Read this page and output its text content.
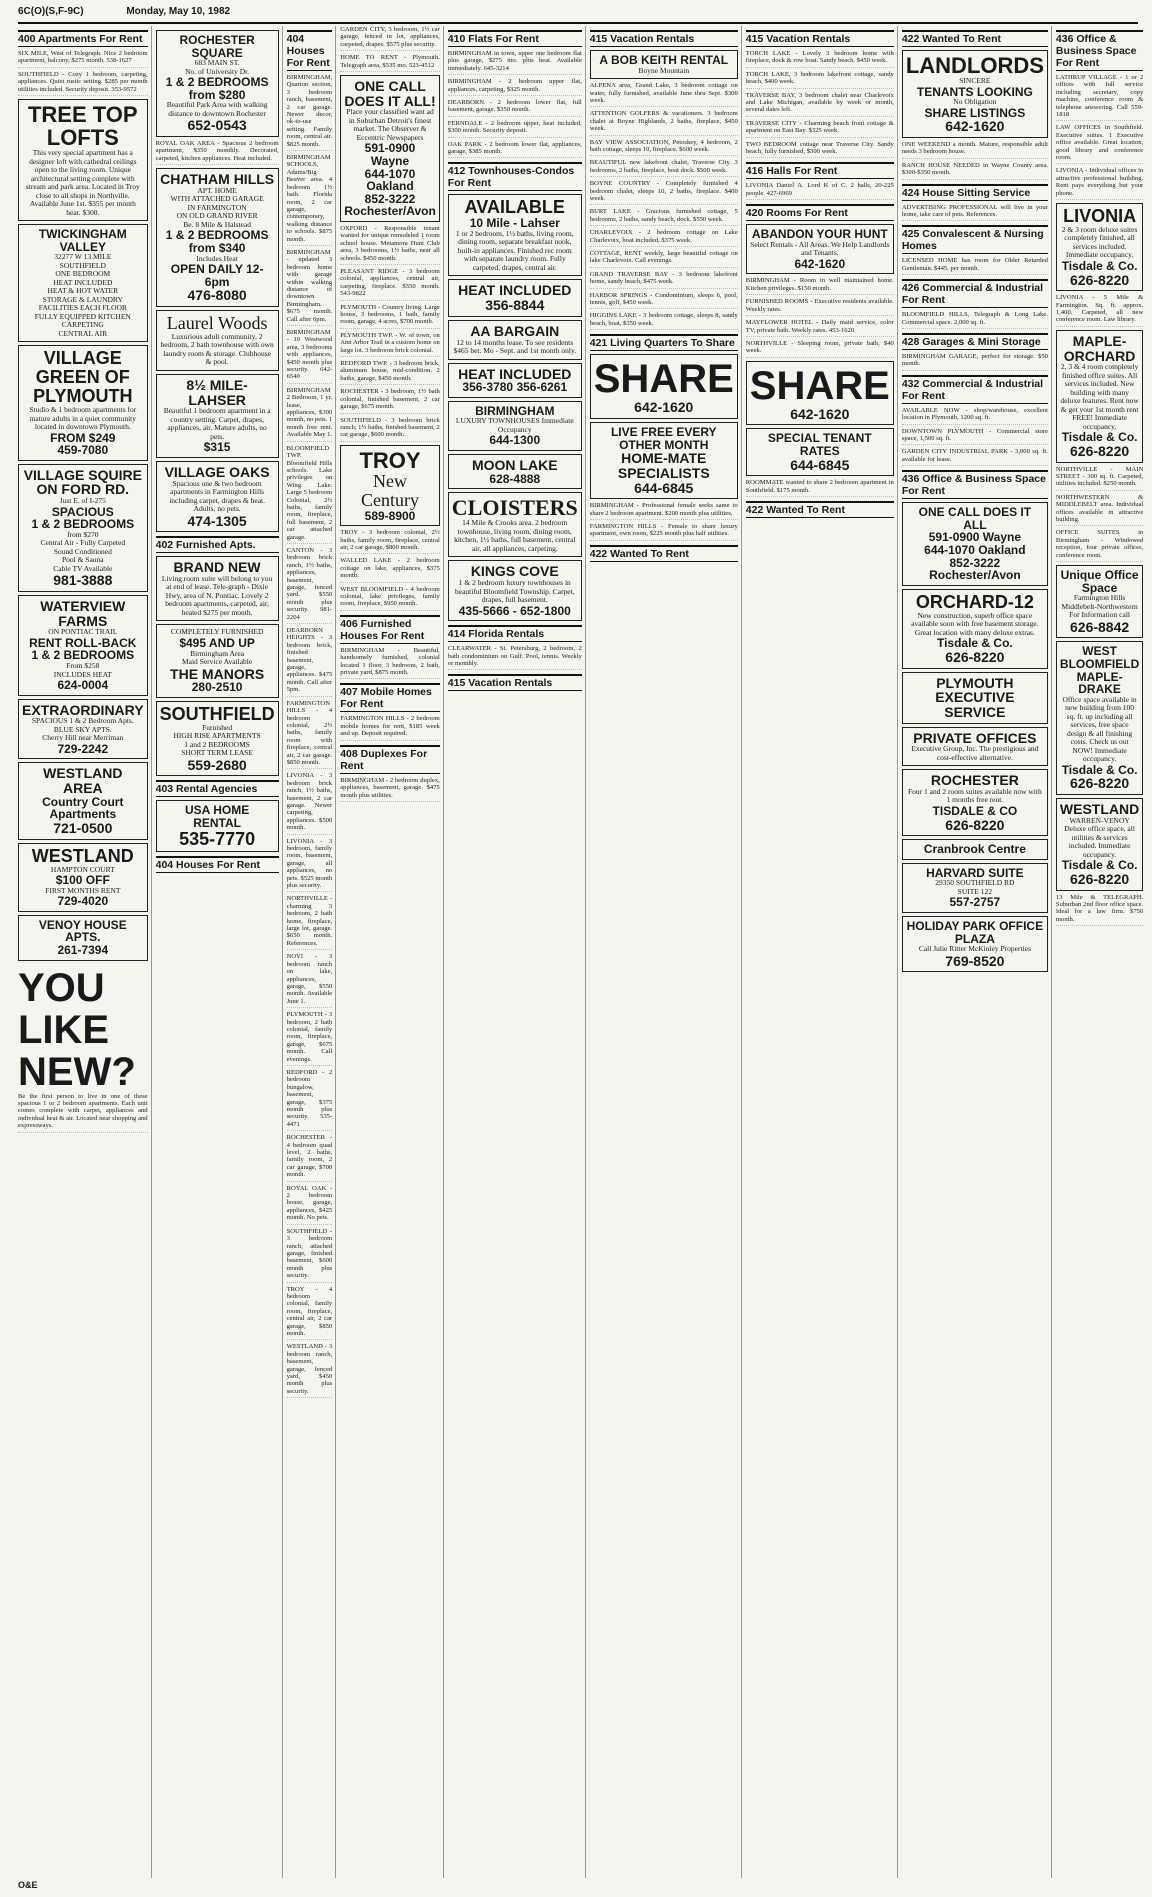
6C(O)(S,F-9C)	Monday, May 10, 1982
400 Apartments For Rent

SIX MILE, West of Telegraph. Nice 2 bedroom apartment, balcony, $275 month. 538-1627

SOUTHFIELD - Cozy 1 bedroom, carpeting, appliances. Quiet rustic setting. $285 per month utilities included. Security deposit. 353-9572

TREE TOP LOFTS
This very special apartment has a designer loft with cathedral ceilings open to the living room. Unique architectural setting complete with stream and park area. Located in Troy close to all shops in Northville. Available June 1st. $355 per month heat. $300.
TWICKINGHAM VALLEY
32277 W 13 MILE
SOUTHFIELD
ONE BEDROOM
HEAT INCLUDED
HEAT & HOT WATER
STORAGE & LAUNDRY
FACILITIES EACH FLOOR
FULLY EQUIPPED KITCHEN
CARPETING
CENTRAL AIR
VILLAGE GREEN OF PLYMOUTH
Studio & 1 bedroom apartments for mature adults in a quiet community located in downtown Plymouth.
FROM $249
459-7080
VILLAGE SQUIRE ON FORD RD.
Just E. of I-275
SPACIOUS
1 & 2 BEDROOMS
from $270
Central Air - Fully Carpeted
Sound Conditioned
Pool & Sauna
Cable TV Available
981-3888
WATERVIEW FARMS
ON PONTIAC TRAIL
RENT ROLL-BACK
1 & 2 BEDROOMS
From $258
INCLUDES HEAT
624-0004
EXTRAORDINARY
SPACIOUS 1 & 2 Bedroom Apts.
BLUE SKY APTS.
Cherry Hill near Merriman
729-2242
WESTLAND AREA
Country Court Apartments
721-0500
WESTLAND
HAMPTON COURT
$100 OFF
FIRST MONTHS RENT
729-4020
VENOY HOUSE APTS.
261-7394
YOU
LIKE
NEW?

Be the first person to live in one of these spacious 1 or 2 bedroom apartments. Each unit comes complete with carpet, appliances and individual heat & air. Located near shopping and expressways.

ROCHESTER SQUARE
683 MAIN ST.
No. of University Dr.
1 & 2 BEDROOMS
from $280
Beautiful Park Area with walking distance to downtown Rochester
652-0543

ROYAL OAK AREA - Spacious 2 bedroom apartment, $350 monthly. Decorated, carpeted, kitchen appliances. Heat included.

CHATHAM HILLS
APT. HOME
WITH ATTACHED GARAGE
IN FARMINGTON
ON OLD GRAND RIVER
Be. 8 Mile & Halstead
1 & 2 BEDROOMS
from $340
Includes Heat
OPEN DAILY 12-6pm
476-8080
Laurel Woods
Luxurious adult community, 2 bedroom, 2 bath townhouse with own laundry room & storage. Clubhouse & pool.
8½ MILE-LAHSER
Beautiful 1 bedroom apartment in a country setting. Carpet, drapes, appliances, air. Mature adults, no pets.
$315
VILLAGE OAKS
Spacious one & two bedroom apartments in Farmington Hills including carpet, drapes & heat. Adults, no pets.
474-1305
402 Furnished Apts.
BRAND NEW
Living room suite will belong to you at end of lease. Tele-graph - Dixie Hwy, area of N. Pontiac. Lovely 2 bedroom apartments, carpeted, air, heated $275 per month.
COMPLETELY FURNISHED
$495 AND UP
Birmingham Area
Maid Service Available
THE MANORS
280-2510
SOUTHFIELD
Furnished
HIGH RISE APARTMENTS
1 and 2 BEDROOMS
SHORT TERM LEASE
559-2680
403 Rental Agencies
USA HOME RENTAL
535-7770
404 Houses For Rent
404 Houses For Rent

BIRMINGHAM, Quarton section, 3 bedroom ranch, basement, 2 car garage. Newer decor, ok-to-use setting. Family room, central air. $825 month.

BIRMINGHAM SCHOOLS, Adams/Big Beaver area. 4 bedroom 1½ bath. Florida room, 2 car garage, contemporary, walking distance to schools. $875 month.

BIRMINGHAM - updated 3 bedroom home with garage within walking distance of downtown Birmingham. $675 month. Call after 6pm.

BIRMINGHAM - 10 Westwood area, 3 bedrooms with appliances, $450 month plus security. 642-6540

BIRMINGHAM 2 Bedroom, 1 yr. lease, appliances, $390 month, no pets. 1 month free rent. Available May 1.

BLOOMFIELD TWP. Bloomfield Hills schools. Lake privileges on Wing Lake. Large 5 bedroom Colonial, 2½ baths, family room, fireplace, full basement, 2 car attached garage.

CANTON - 3 bedroom brick ranch, 1½ baths, appliances, basement, garage, fenced yard. $550 month plus security. 981-2204

DEARBORN HEIGHTS - 3 bedroom brick, finished basement, garage, appliances. $475 month. Call after 5pm.

FARMINGTON HILLS - 4 bedroom colonial, 2½ baths, family room with fireplace, central air, 2 car garage. $850 month.

LIVONIA - 3 bedroom brick ranch, 1½ baths, basement, 2 car garage. Newer carpeting, appliances. $500 month.

LIVONIA - 3 bedroom, family room, basement, garage, all appliances, no pets. $525 month plus security.

NORTHVILLE - charming 3 bedroom, 2 bath home, fireplace, large lot, garage. $650 month. References.

NOVI - 3 bedroom ranch on lake, appliances, garage, $550 month. Available June 1.

PLYMOUTH - 3 bedroom, 2 bath colonial, family room, fireplace, garage, $675 month. Call evenings.

REDFORD - 2 bedroom bungalow, basement, garage, $375 month plus security. 535-4471

ROCHESTER - 4 bedroom quad level, 2 baths, family room, 2 car garage, $700 month.

ROYAL OAK - 2 bedroom house, garage, appliances, $425 month. No pets.

SOUTHFIELD - 3 bedroom ranch, attached garage, finished basement, $600 month plus security.

TROY - 4 bedroom colonial, family room, fireplace, central air, 2 car garage, $850 month.

WESTLAND - 3 bedroom ranch, basement, garage, fenced yard, $450 month plus security.

GARDEN CITY, 3 bedroom, 1½ car garage, fenced in lot, appliances, carpeted, drapes. $575 plus security.

HOME TO RENT - Plymouth. Telegraph area, $535 mo. 523-4512

ONE CALL DOES IT ALL!
Place your classified want ad in Suburban Detroit's finest market. The Observer & Eccentric Newspapers
591-0900 Wayne
644-1070 Oakland
852-3222 Rochester/Avon

OXFORD - Responsible tenant wanted for unique remodeled 1 room school house. Metamora Hunt Club area, 3 bedrooms, 1½ baths, near all schools. $450 month.

PLEASANT RIDGE - 3 bedroom colonial, appliances, central air, carpeting, fireplace. $550 month. 543-9822

PLYMOUTH - Country living. Large house, 3 bedrooms, 1 bath, family room, garage, 4 acres, $700 month.

PLYMOUTH TWP. - W. of town, on Ann Arbor Trail in a custom home on large lot. 3 bedroom brick colonial.

REDFORD TWP. - 3 bedroom brick, aluminum house, mid-condition. 2 baths, garage, $450 month.

ROCHESTER - 3 bedroom, 1½ bath colonial, finished basement, 2 car garage, $675 month.

SOUTHFIELD - 3 bedroom brick ranch, 1½ baths, finished basement, 2 car garage, $600 month.

TROY
New Century
589-8900

TROY - 3 bedroom colonial, 2½ baths, family room, fireplace, central air, 2 car garage, $800 month.

WALLED LAKE - 2 bedroom cottage on lake, appliances, $375 month.

WEST BLOOMFIELD - 4 bedroom colonial, lake privileges, family room, fireplace, $950 month.

406 Furnished Houses For Rent

BIRMINGHAM - Beautiful, handsomely furnished, colonial located 1 floor, 3 bedroom, 2 bath, private yard, $875 month.

407 Mobile Homes For Rent

FARMINGTON HILLS - 2 bedroom mobile homes for rent, $185 week and up. Deposit required.

408 Duplexes For Rent

BIRMINGHAM - 2 bedroom duplex, appliances, basement, garage. $475 month plus utilities.

410 Flats For Rent

BIRMINGHAM in town, upper one bedroom flat plus garage, $275 mo. plus heat. Available immediately. 645-3214

BIRMINGHAM - 2 bedroom upper flat, appliances, carpeting, $325 month.

DEARBORN - 2 bedroom lower flat, full basement, garage. $350 month.

FERNDALE - 2 bedroom upper, heat included, $300 month. Security deposit.

OAK PARK - 2 bedroom lower flat, appliances, garage, $385 month.

412 Townhouses-Condos For Rent
AVAILABLE
10 Mile - Lahser
1 or 2 bedroom, 1½ baths, living room, dining room, separate breakfast nook, built-in appliances. Finished rec room with separate laundry room. Fully carpeted, drapes, central air.
HEAT INCLUDED
356-8844
AA BARGAIN
12 to 14 months lease. To see residents $465 bet. Mo - Sept. and 1st month only.
HEAT INCLUDED
356-3780 356-6261
BIRMINGHAM
LUXURY TOWNHOUSES Immediate Occupancy
644-1300
MOON LAKE
628-4888
CLOISTERS
14 Mile & Crooks area. 2 bedroom townhouse, living room, dining room, kitchen, 1½ baths, full basement, central air, all appliances, carpeting.
KINGS COVE
1 & 2 bedroom luxury townhouses in beautiful Bloomfield Township. Carpet, drapes, full basement.
435-5666 - 652-1800
414 Florida Rentals

CLEARWATER - St. Petersburg, 2 bedroom, 2 bath condominium on Gulf. Pool, tennis. Weekly or monthly.

415 Vacation Rentals
415 Vacation Rentals
A BOB KEITH RENTAL
Boyne Mountain

ALPENA area, Grand Lake, 3 bedroom cottage on water, fully furnished, available June thru Sept. $300 week.

ATTENTION GOLFERS & vacationers. 3 bedroom chalet at Boyne Highlands, 2 baths, fireplace, $450 week.

BAY VIEW ASSOCIATION, Petoskey, 4 bedroom, 2 bath cottage, sleeps 10, fireplace. $600 week.

BEAUTIFUL new lakefront chalet, Traverse City. 3 bedrooms, 2 baths, fireplace, boat dock. $500 week.

BOYNE COUNTRY - Completely furnished 4 bedroom chalet, sleeps 10, 2 baths, fireplace. $400 week.

BURT LAKE - Gracious furnished cottage, 5 bedrooms, 2 baths, sandy beach, dock. $550 week.

CHARLEVOIX - 2 bedroom cottage on Lake Charlevoix, boat included, $375 week.

COTTAGE, RENT weekly, large beautiful cottage on lake Charlevoix. Call evenings.

GRAND TRAVERSE BAY - 3 bedroom lakefront home, sandy beach, $475 week.

HARBOR SPRINGS - Condominium, sleeps 6, pool, tennis, golf, $450 week.

HIGGINS LAKE - 3 bedroom cottage, sleeps 8, sandy beach, boat, $350 week.

421 Living Quarters To Share
SHARE
642-1620
LIVE FREE EVERY OTHER MONTH
HOME-MATE SPECIALISTS
644-6845

BIRMINGHAM - Professional female seeks same to share 2 bedroom apartment. $200 month plus utilities.

FARMINGTON HILLS - Female to share luxury apartment, own room, $225 month plus half utilities.

422 Wanted To Rent
415 Vacation Rentals

TORCH LAKE - Lovely 3 bedroom home with fireplace, dock & row boat. Sandy beach. $450 week.

TORCH LAKE, 3 bedroom lakefront cottage, sandy beach, $400 week.

TRAVERSE BAY, 3 bedroom chalet near Charlevoix and Lake Michigan, available by week or month, several dates left.

TRAVERSE CITY - Charming beach front cottage & apartment on East Bay. $325 week.

TWO BEDROOM cottage near Traverse City. Sandy beach, fully furnished, $300 week.

416 Halls For Rent

LIVONIA Daniel A. Lord K of C. 2 halls, 20-225 people. 427-6969

420 Rooms For Rent
ABANDON YOUR HUNT
Select Rentals - All Areas. We Help Landlords and Tenants.
642-1620

BIRMINGHAM - Room in well maintained home. Kitchen privileges. $150 month.

FURNISHED ROOMS - Executive residents available. Weekly rates.

MAYFLOWER HOTEL - Daily maid service, color TV, private bath. Weekly rates. 453-1620

NORTHVILLE - Sleeping room, private bath, $40 week.

SHARE
642-1620
SPECIAL TENANT RATES
644-6845

ROOMMATE wanted to share 2 bedroom apartment in Southfield. $175 month.

422 Wanted To Rent
422 Wanted To Rent
LANDLORDS
SINCERE
TENANTS LOOKING
No Obligation
SHARE LISTINGS
642-1620

ONE WEEKEND a month. Mature, responsible adult needs 3 bedroom house.

RANCH HOUSE NEEDED in Wayne County area. $300-$350 month.

424 House Sitting Service

ADVERTISING PROFESSIONAL will live in your home, take care of pets. References.

425 Convalescent & Nursing Homes

LICENSED HOME has room for Older Retarded Gentleman. $445. per month.

426 Commercial & Industrial For Rent

BLOOMFIELD HILLS, Telegraph & Long Lake. Commercial space. 2,000 sq. ft.

428 Garages & Mini Storage

BIRMINGHAM GARAGE, perfect for storage. $50 month.

432 Commercial & Industrial For Rent

AVAILABLE NOW - shop/warehouse, excellent location in Plymouth, 1200 sq. ft.

DOWNTOWN PLYMOUTH - Commercial store space, 1,500 sq. ft.

GARDEN CITY INDUSTRIAL PARK - 3,000 sq. ft. available for lease.

436 Office & Business Space For Rent
ONE CALL DOES IT ALL
591-0900 Wayne
644-1070 Oakland
852-3222 Rochester/Avon
ORCHARD-12
New construction, superb office space available soon with free basement storage. Great location with many deluxe extras.
Tisdale & Co.
626-8220
PLYMOUTH EXECUTIVE SERVICE
PRIVATE OFFICES
Executive Group, Inc. The prestigious and cost-effective alternative.
ROCHESTER
Four 1 and 2 room suites available now with 1 months free rent.
TISDALE & CO
626-8220
Cranbrook Centre
HARVARD SUITE
29350 SOUTHFIELD RD
SUITE 122
557-2757
HOLIDAY PARK OFFICE PLAZA
Call Julie Ritter McKinley Properties
769-8520
436 Office & Business Space For Rent

LATHRUP VILLAGE - 1 or 2 offices with full service including secretary, copy machine, conference room & telephone answering. Call 559-1818

LAW OFFICES in Southfield. Executive suites. 1 Executive office available. Great location, good library and conference room.

LIVONIA - Individual offices in attractive professional building. Rent pays everything but your phone.

LIVONIA
2 & 3 room deluxe suites completely finished, all services included. Immediate occupancy.
Tisdale & Co.
626-8220

LIVONIA - 5 Mile & Farmington. Sq. ft. approx. 1,400. Carpeted, all new conference room. Law library.

MAPLE-ORCHARD
2, 3 & 4 room completely finished office suites. All services included. New building with many deluxe features. Rent now & get your 1st month rent FREE! Immediate occupancy.
Tisdale & Co.
626-8220

NORTHVILLE - MAIN STREET - 300 sq. ft. Carpeted, utilities included. $250 month.

NORTHWESTERN & MIDDLEBELT area. Individual offices available in attractive building.

OFFICE SUITES in Birmingham - Windowed reception, four private offices, conference room.

Unique Office Space
Farmington Hills
Middlebelt-Northwestern
For Information call
626-8842
WEST BLOOMFIELD MAPLE-DRAKE
Office space available in new building from 100 sq. ft. up including all services, free space design & all finishing costs. Check us out NOW! Immediate occupancy.
Tisdale & Co.
626-8220
WESTLAND
WARREN-VENOY
Deluxe office space, all utilities & services included. Immediate occupancy.
Tisdale & Co.
626-8220

13 Mile & TELEGRAPH. Suburban 2nd floor office space. Ideal for a law firm. $750 month.

O&E
